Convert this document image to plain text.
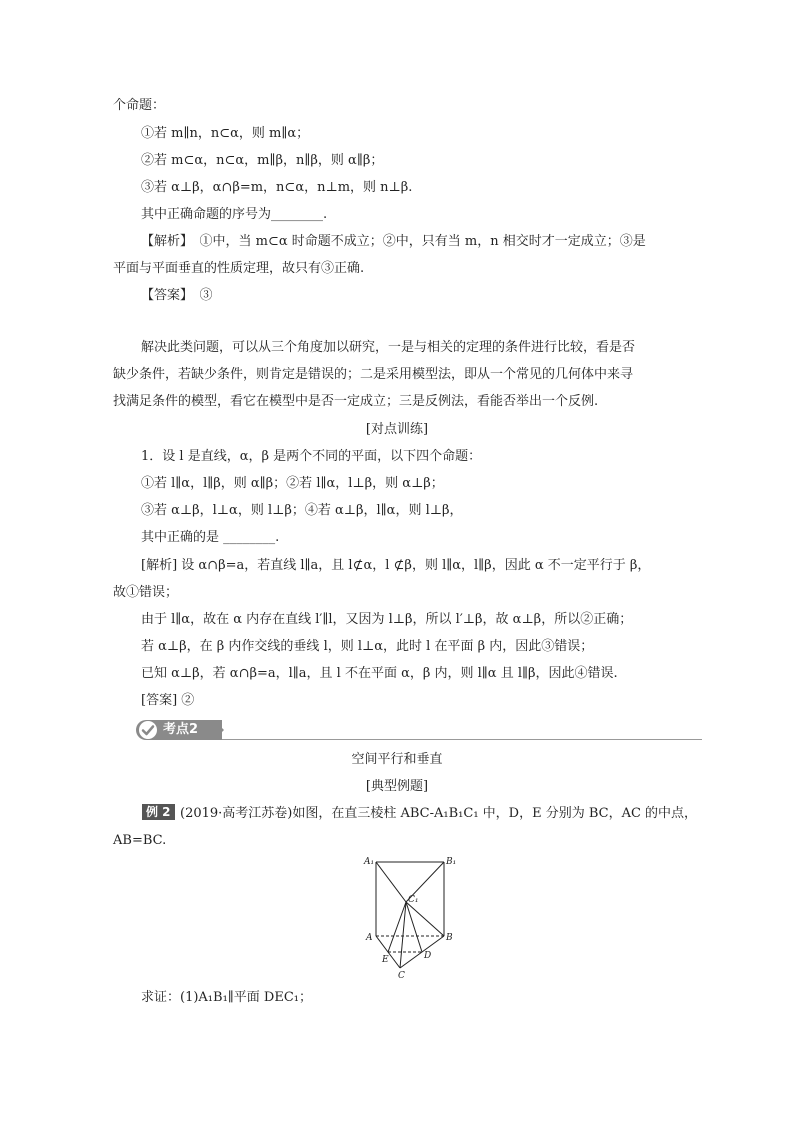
个命题：
①若 m∥n，n⊂α，则 m∥α；
②若 m⊂α，n⊂α，m∥β，n∥β，则 α∥β；
③若 α⊥β，α∩β=m，n⊂α，n⊥m，则 n⊥β.
其中正确命题的序号为________.
【解析】　①中，当 m⊂α 时命题不成立；②中，只有当 m，n 相交时才一定成立；③是
平面与平面垂直的性质定理，故只有③正确.
【答案】　③
解决此类问题，可以从三个角度加以研究，一是与相关的定理的条件进行比较，看是否
缺少条件，若缺少条件，则肯定是错误的；二是采用模型法，即从一个常见的几何体中来寻
找满足条件的模型，看它在模型中是否一定成立；三是反例法，看能否举出一个反例.
[对点训练]
1．设 l 是直线，α，β 是两个不同的平面，以下四个命题：
①若 l∥α，l∥β，则 α∥β；②若 l∥α，l⊥β，则 α⊥β；
③若 α⊥β，l⊥α，则 l⊥β；④若 α⊥β，l∥α，则 l⊥β，
其中正确的是 ________.
[解析] 设 α∩β=a，若直线 l∥a，且 l⊄α，l ⊄β，则 l∥α，l∥β，因此 α 不一定平行于 β，
故①错误；
由于 l∥α，故在 α 内存在直线 l′∥l，又因为 l⊥β，所以 l′⊥β，故 α⊥β，所以②正确；
若 α⊥β，在 β 内作交线的垂线 l，则 l⊥α，此时 l 在平面 β 内，因此③错误；
已知 α⊥β，若 α∩β=a，l∥a，且 l 不在平面 α，β 内，则 l∥α 且 l∥β，因此④错误.
[答案] ②
考点2
空间平行和垂直
[典型例题]
例 2 (2019·高考江苏卷)如图，在直三棱柱 ABC-A₁B₁C₁ 中，D，E 分别为 BC，AC 的中点，
AB=BC.
A₁	B₁
C₁
A	B
C
D
E
求证：(1)A₁B₁∥平面 DEC₁；
